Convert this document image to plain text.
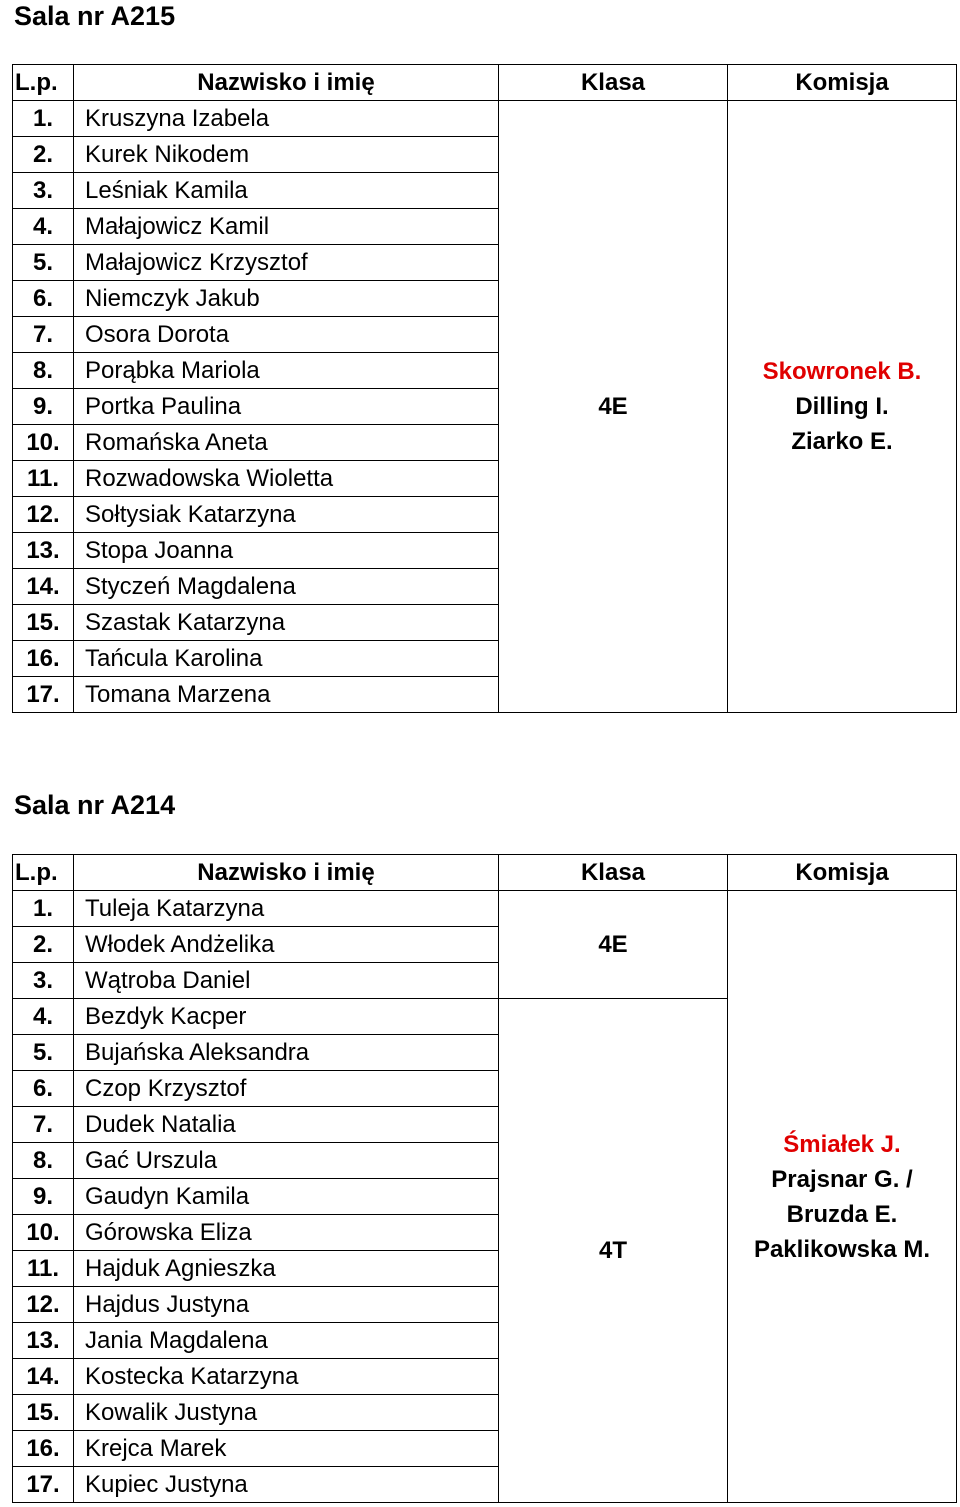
Sala nr A215
L.p.	Nazwisko i imię	Klasa	Komisja
1.	Kruszyna Izabela	4E	Skowronek B.
Dilling I.
Ziarko E.

2.	Kurek Nikodem		
3.	Leśniak Kamila		
4.	Małajowicz Kamil		
5.	Małajowicz Krzysztof		
6.	Niemczyk Jakub		
7.	Osora Dorota		
8.	Porąbka Mariola		
9.	Portka Paulina		
10.	Romańska Aneta		
11.	Rozwadowska Wioletta		
12.	Sołtysiak Katarzyna		
13.	Stopa Joanna		
14.	Styczeń Magdalena		
15.	Szastak Katarzyna		
16.	Tańcula Karolina		
17.	Tomana Marzena		
Sala nr A214
L.p.	Nazwisko i imię	Klasa	Komisja
1.	Tuleja Katarzyna	4E	Śmiałek J.
Prajsnar G. /
Bruzda E.
Paklikowska M.

2.	Włodek Andżelika		
3.	Wątroba Daniel		
4.	Bezdyk Kacper	4T	
5.	Bujańska Aleksandra		
6.	Czop Krzysztof		
7.	Dudek Natalia		
8.	Gać Urszula		
9.	Gaudyn Kamila		
10.	Górowska Eliza		
11.	Hajduk Agnieszka		
12.	Hajdus Justyna		
13.	Jania Magdalena		
14.	Kostecka Katarzyna		
15.	Kowalik Justyna		
16.	Krejca Marek		
17.	Kupiec Justyna		
